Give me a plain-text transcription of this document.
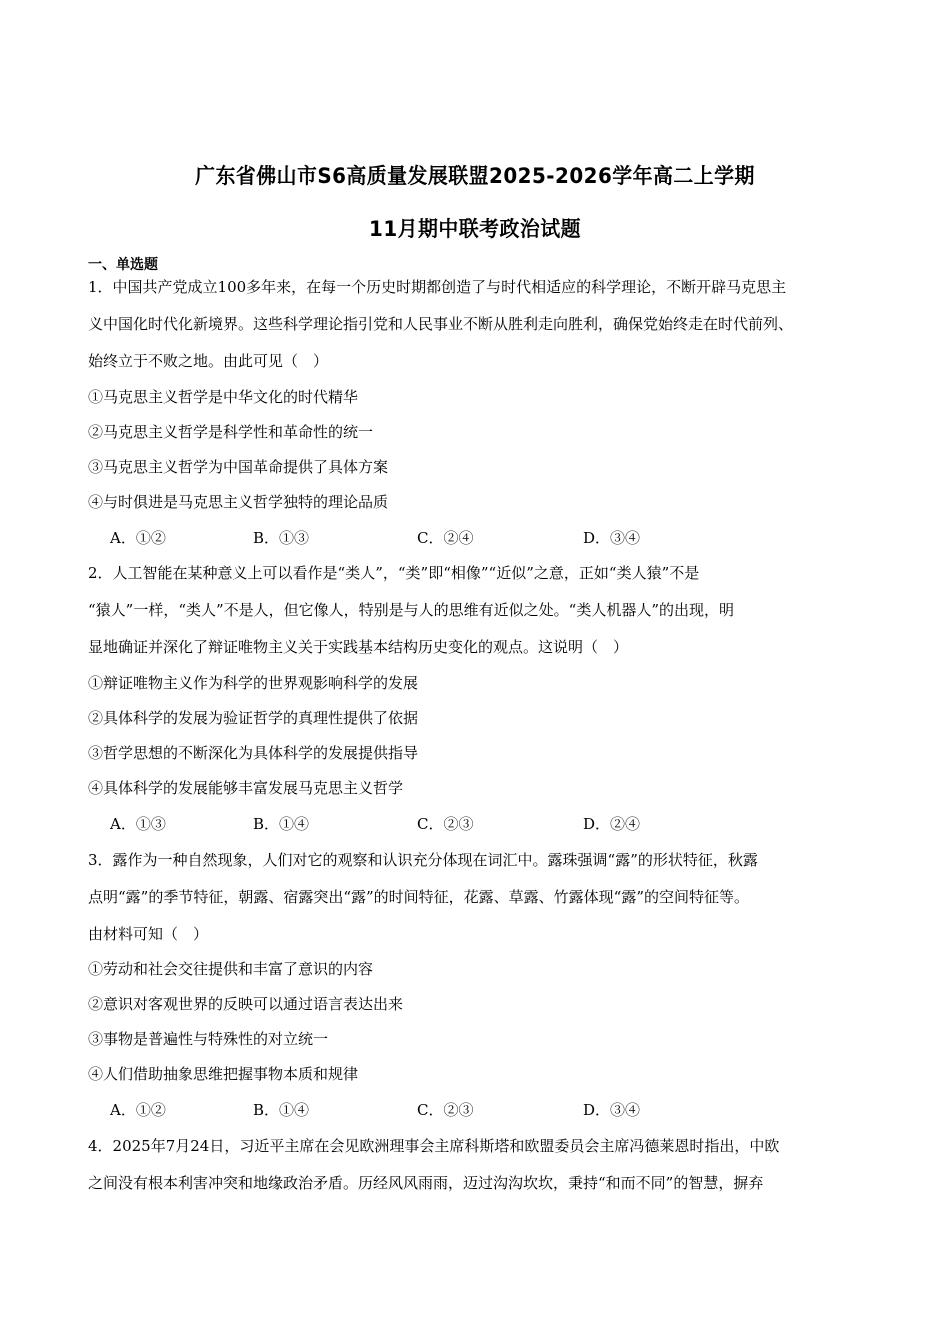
广东省佛山市S6高质量发展联盟2025-2026学年高二上学期
11月期中联考政治试题
一、单选题
1．中国共产党成立100多年来，在每一个历史时期都创造了与时代相适应的科学理论，不断开辟马克思主
义中国化时代化新境界。这些科学理论指引党和人民事业不断从胜利走向胜利，确保党始终走在时代前列、
始终立于不败之地。由此可见（　）
①马克思主义哲学是中华文化的时代精华
②马克思主义哲学是科学性和革命性的统一
③马克思主义哲学为中国革命提供了具体方案
④与时俱进是马克思主义哲学独特的理论品质
A．①②	B．①③	C．②④	D．③④
2．人工智能在某种意义上可以看作是“类人”，“类”即“相像”“近似”之意，正如“类人猿”不是
“猿人”一样，“类人”不是人，但它像人，特别是与人的思维有近似之处。“类人机器人”的出现，明
显地确证并深化了辩证唯物主义关于实践基本结构历史变化的观点。这说明（　）
①辩证唯物主义作为科学的世界观影响科学的发展
②具体科学的发展为验证哲学的真理性提供了依据
③哲学思想的不断深化为具体科学的发展提供指导
④具体科学的发展能够丰富发展马克思主义哲学
A．①③	B．①④	C．②③	D．②④
3．露作为一种自然现象，人们对它的观察和认识充分体现在词汇中。露珠强调“露”的形状特征，秋露
点明“露”的季节特征，朝露、宿露突出“露”的时间特征，花露、草露、竹露体现“露”的空间特征等。
由材料可知（　）
①劳动和社会交往提供和丰富了意识的内容
②意识对客观世界的反映可以通过语言表达出来
③事物是普遍性与特殊性的对立统一
④人们借助抽象思维把握事物本质和规律
A．①②	B．①④	C．②③	D．③④
4．2025年7月24日，习近平主席在会见欧洲理事会主席科斯塔和欧盟委员会主席冯德莱恩时指出，中欧
之间没有根本利害冲突和地缘政治矛盾。历经风风雨雨，迈过沟沟坎坎，秉持“和而不同”的智慧，摒弃
